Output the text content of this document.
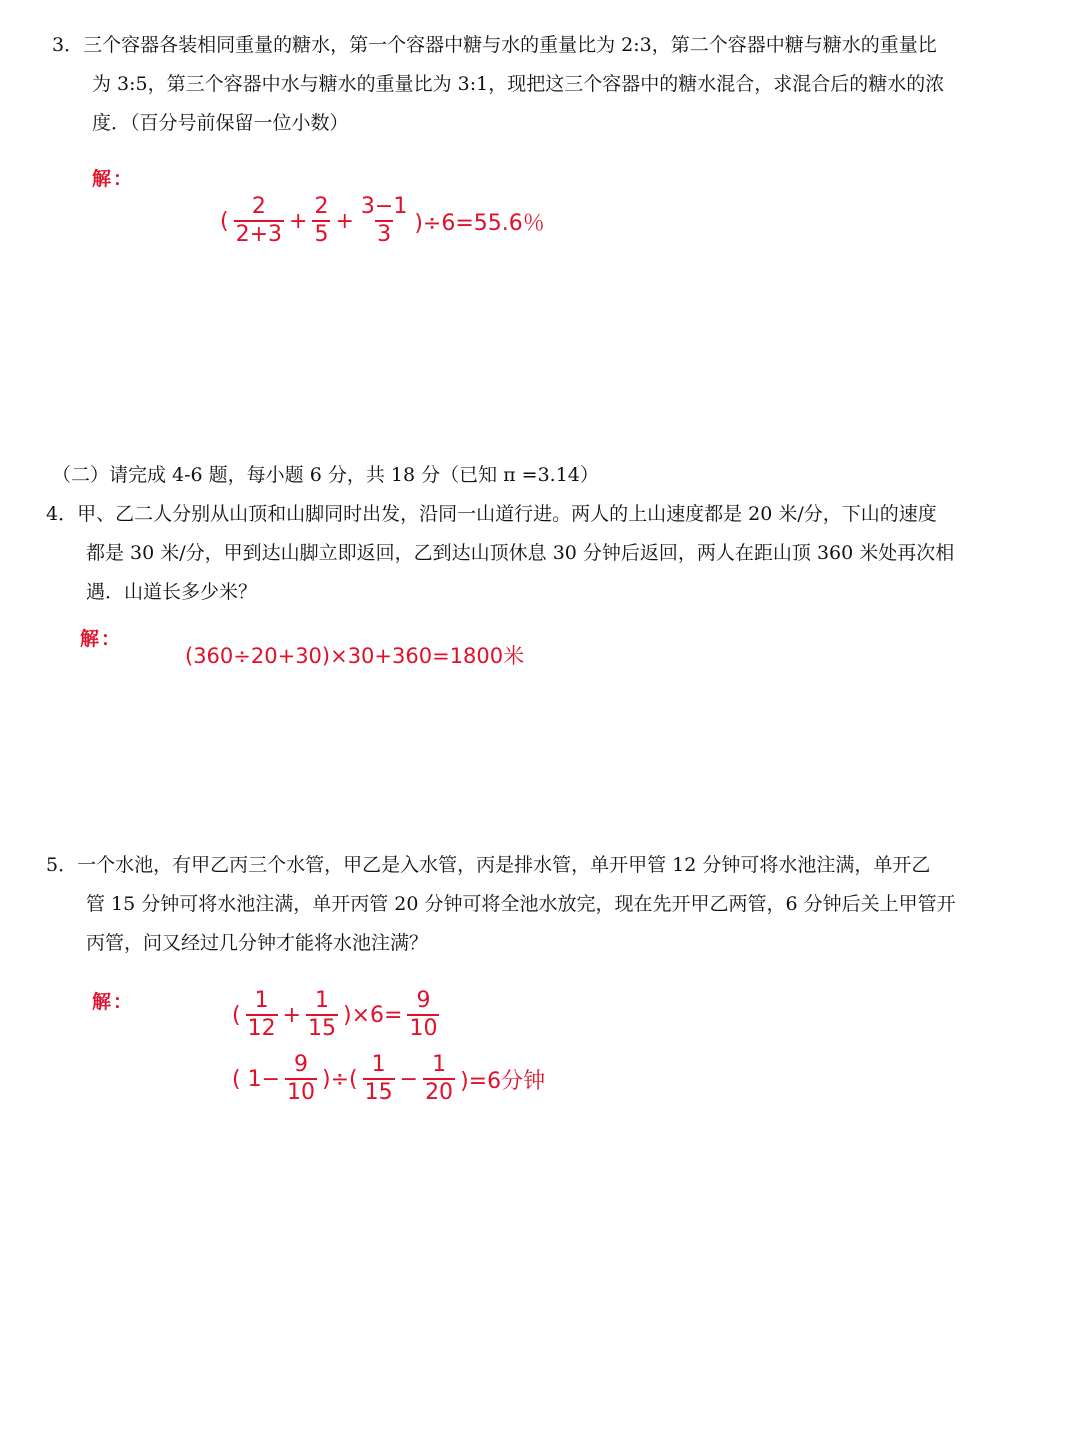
3．三个容器各装相同重量的糖水，第一个容器中糖与水的重量比为 2:3，第二个容器中糖与糖水的重量比
为 3:5，第三个容器中水与糖水的重量比为 3:1，现把这三个容器中的糖水混合，求混合后的糖水的浓
度．（百分号前保留一位小数）
解：
( $\frac{2}{2+3} + \frac{2}{5} + \frac{3-1}{3} )\div 6=55.6$％
（二）请完成 4-6 题，每小题 6 分，共 18 分（已知 π =3.14）
4．甲、乙二人分别从山顶和山脚同时出发，沿同一山道行进。两人的上山速度都是 20 米/分，下山的速度
都是 30 米/分，甲到达山脚立即返回，乙到达山顶休息 30 分钟后返回，两人在距山顶 360 米处再次相
遇．山道长多少米？
解：
(360÷20+30)×30+360=1800米
5．一个水池，有甲乙丙三个水管，甲乙是入水管，丙是排水管，单开甲管 12 分钟可将水池注满，单开乙
管 15 分钟可将水池注满，单开丙管 20 分钟可将全池水放完，现在先开甲乙两管，6 分钟后关上甲管开
丙管，问又经过几分钟才能将水池注满？
解：
( $\frac{1}{12} + \frac{1}{15} )\times 6= \frac{9}{10}$
( $1- \frac{9}{10}$ )÷( $\frac{1}{15} - \frac{1}{20} )=6$分钟
